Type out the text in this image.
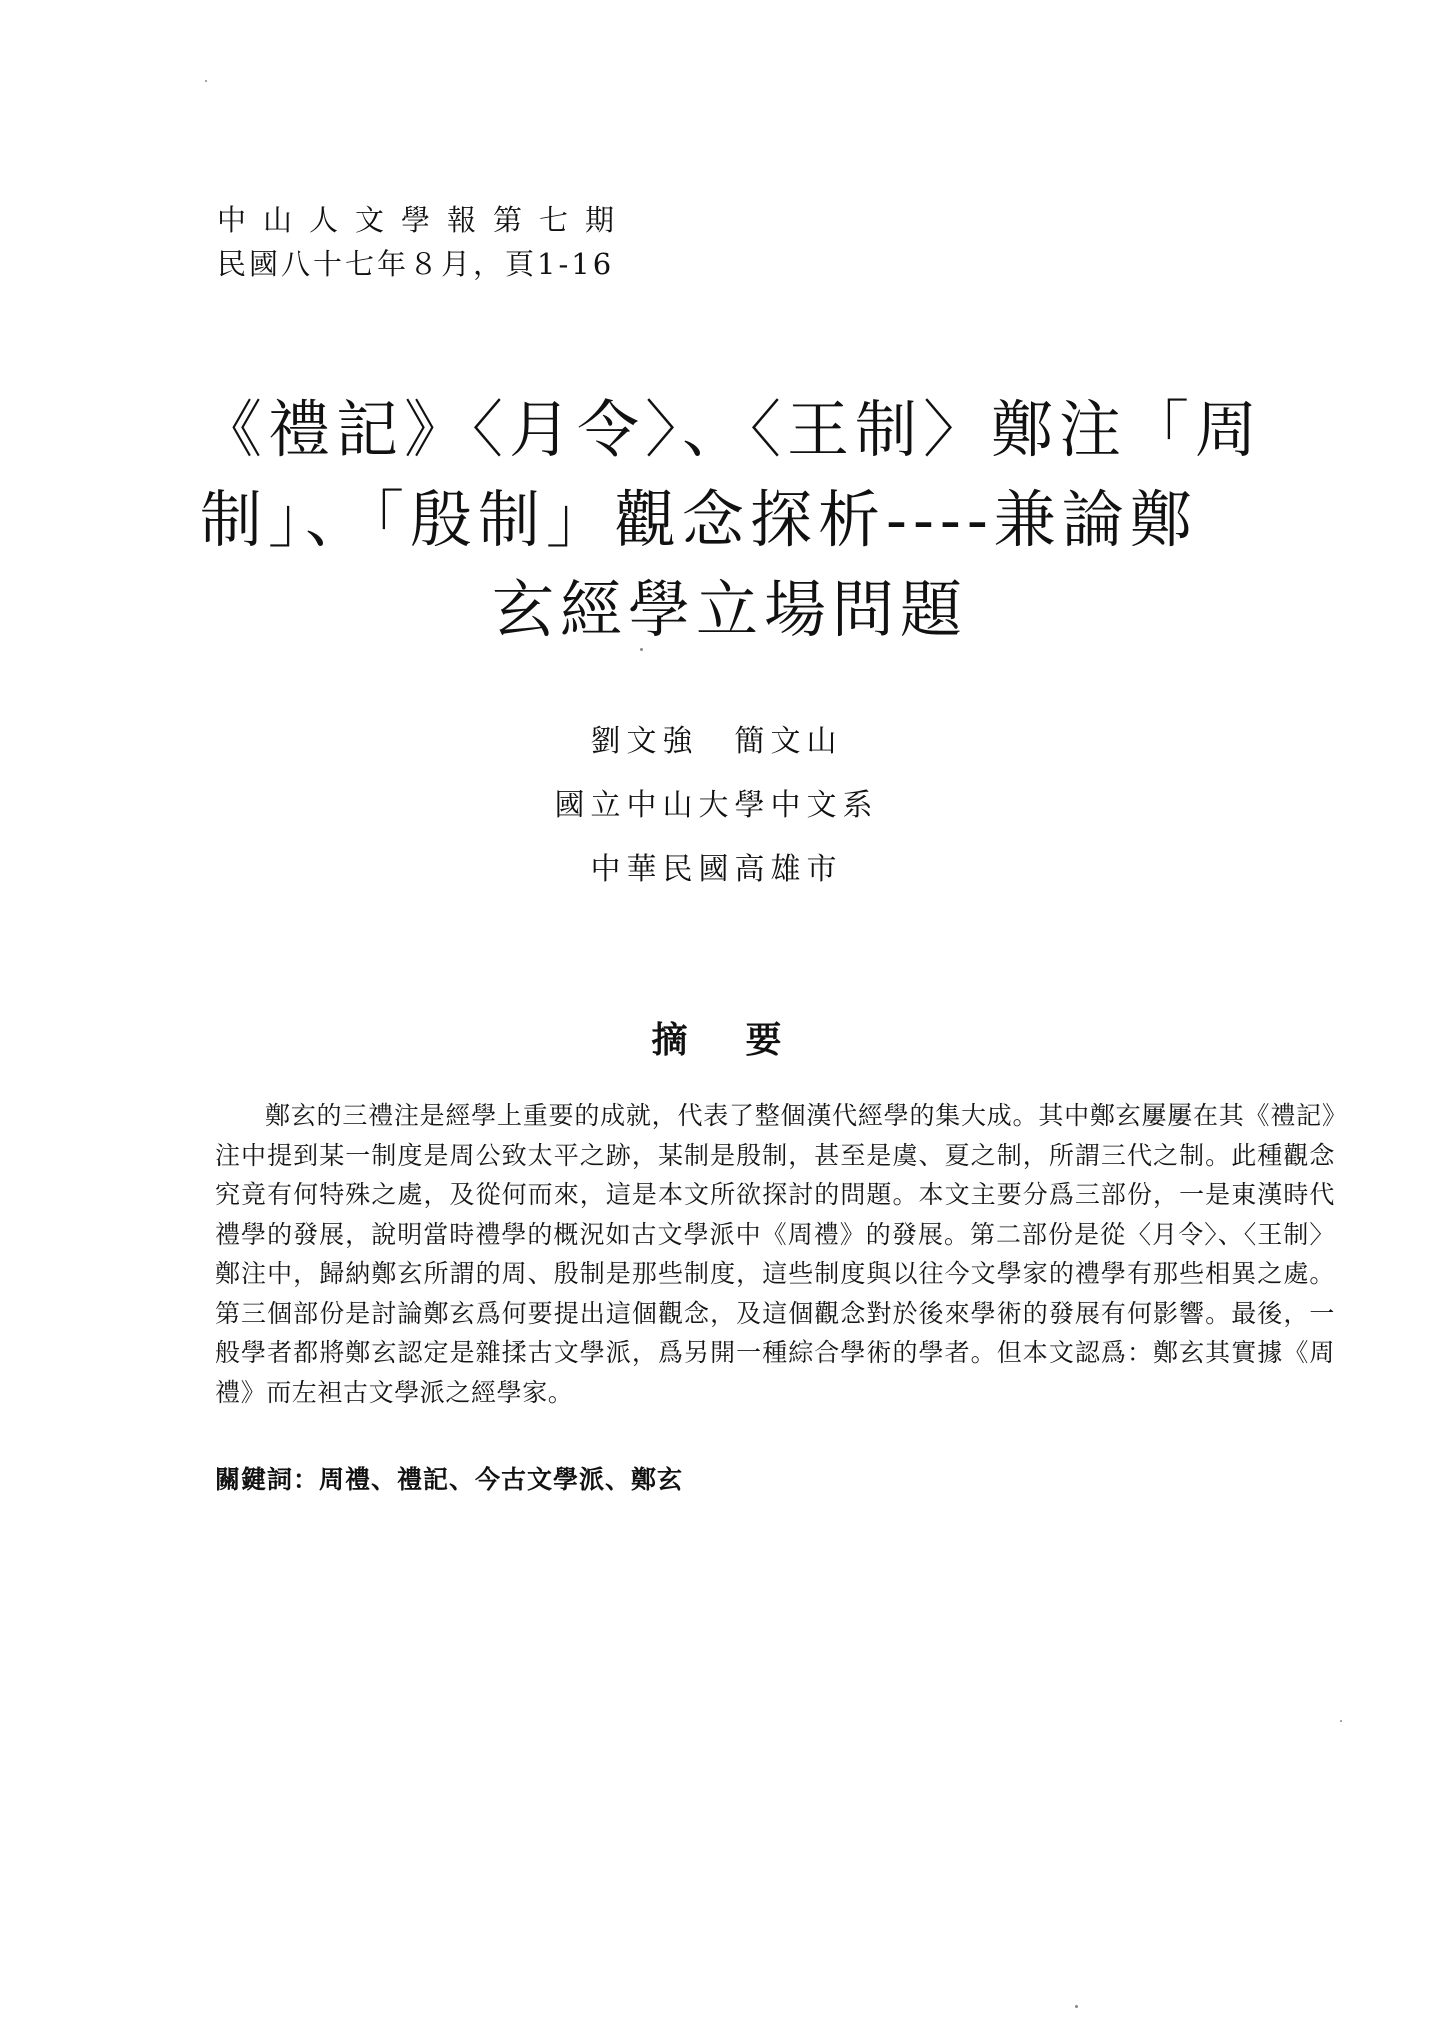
中山人文學報第七期
民國八十七年８月，頁1-16
《禮記》〈月令〉、〈王制〉鄭注「周
制」、「殷制」觀念探析----兼論鄭
玄經學立場問題
劉文強　簡文山
國立中山大學中文系
中華民國高雄市
摘要
鄭玄的三禮注是經學上重要的成就，代表了整個漢代經學的集大成。其中鄭玄屢屢在其《禮記》注中提到某一制度是周公致太平之跡，某制是殷制，甚至是虞、夏之制，所謂三代之制。此種觀念究竟有何特殊之處，及從何而來，這是本文所欲探討的問題。本文主要分爲三部份，一是東漢時代禮學的發展，說明當時禮學的概況如古文學派中《周禮》的發展。第二部份是從〈月令〉、〈王制〉鄭注中，歸納鄭玄所謂的周、殷制是那些制度，這些制度與以往今文學家的禮學有那些相異之處。第三個部份是討論鄭玄爲何要提出這個觀念，及這個觀念對於後來學術的發展有何影響。最後，一般學者都將鄭玄認定是雜揉古文學派，爲另開一種綜合學術的學者。但本文認爲：鄭玄其實據《周禮》而左袒古文學派之經學家。
關鍵詞：周禮、禮記、今古文學派、鄭玄
